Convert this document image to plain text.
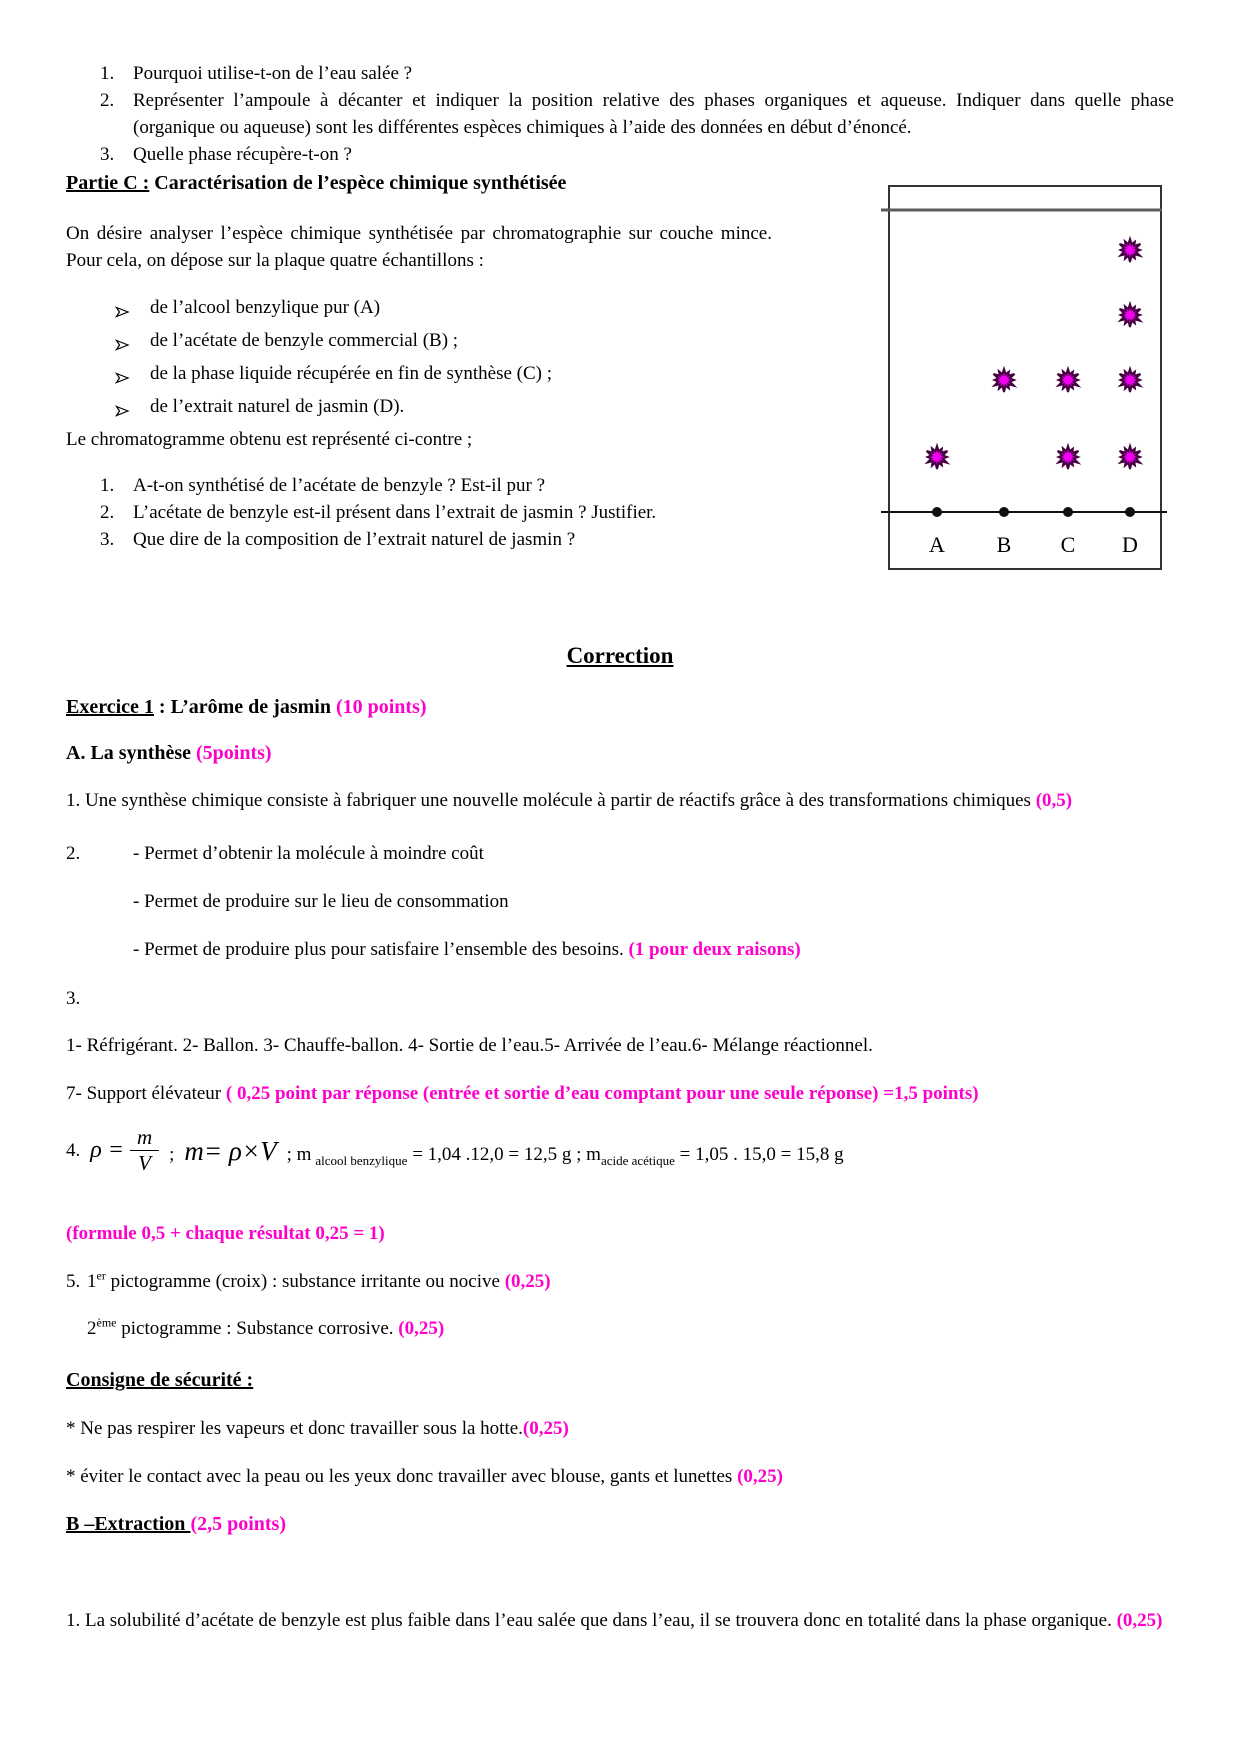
1. Pourquoi utilise-t-on de l’eau salée ?
2. Représenter l’ampoule à décanter et indiquer la position relative des phases organiques et aqueuse. Indiquer dans quelle phase (organique ou aqueuse) sont les différentes espèces chimiques à l’aide des données en début d’énoncé.
3. Quelle phase récupère-t-on ?
Partie C : Caractérisation de l’espèce chimique synthétisée
On désire analyser l’espèce chimique synthétisée par chromatographie sur couche mince. Pour cela, on dépose sur la plaque quatre échantillons :
de l’alcool benzylique pur (A)
de l’acétate de benzyle commercial (B) ;
de la phase liquide récupérée en fin de synthèse (C) ;
de l’extrait naturel de jasmin (D).
Le chromatogramme obtenu est représenté ci-contre ;
1. A-t-on synthétisé de l’acétate de benzyle ? Est-il pur ?
2. L’acétate de benzyle est-il présent dans l’extrait de jasmin ? Justifier.
3. Que dire de la composition de l’extrait naturel de jasmin ?
Correction
Exercice 1 : L’arôme de jasmin (10 points)
A. La synthèse (5points)
1. Une synthèse chimique consiste à fabriquer une nouvelle molécule à partir de réactifs grâce à des transformations chimiques (0,5)
2.	- Permet d’obtenir la molécule à moindre coût
- Permet de produire sur le lieu de consommation
- Permet de produire plus pour satisfaire l’ensemble des besoins. (1 pour deux raisons)
3.
1- Réfrigérant. 2- Ballon. 3- Chauffe-ballon. 4- Sortie de l’eau.5- Arrivée de l’eau.6- Mélange réactionnel.
7- Support élévateur ( 0,25 point par réponse (entrée et sortie d’eau comptant pour une seule réponse) =1,5 points)
4. $\rho = \frac{m}{V}$ ; m= ρ×V ; m $_{alcool benzylique}$ = 1,04 .12,0 = 12,5 g ; $m_{acide acétique} = 1,05$ . 15,0 = 15,8 g
(formule 0,5 + chaque résultat 0,25 = 1)
5. 1er pictogramme (croix) : substance irritante ou nocive (0,25)
2ème pictogramme : Substance corrosive. (0,25)
Consigne de sécurité :
* Ne pas respirer les vapeurs et donc travailler sous la hotte.(0,25)
* éviter le contact avec la peau ou les yeux donc travailler avec blouse, gants et lunettes (0,25)
B –Extraction (2,5 points)
1. La solubilité d’acétate de benzyle est plus faible dans l’eau salée que dans l’eau, il se trouvera donc en totalité dans la phase organique. (0,25)
A B C D
